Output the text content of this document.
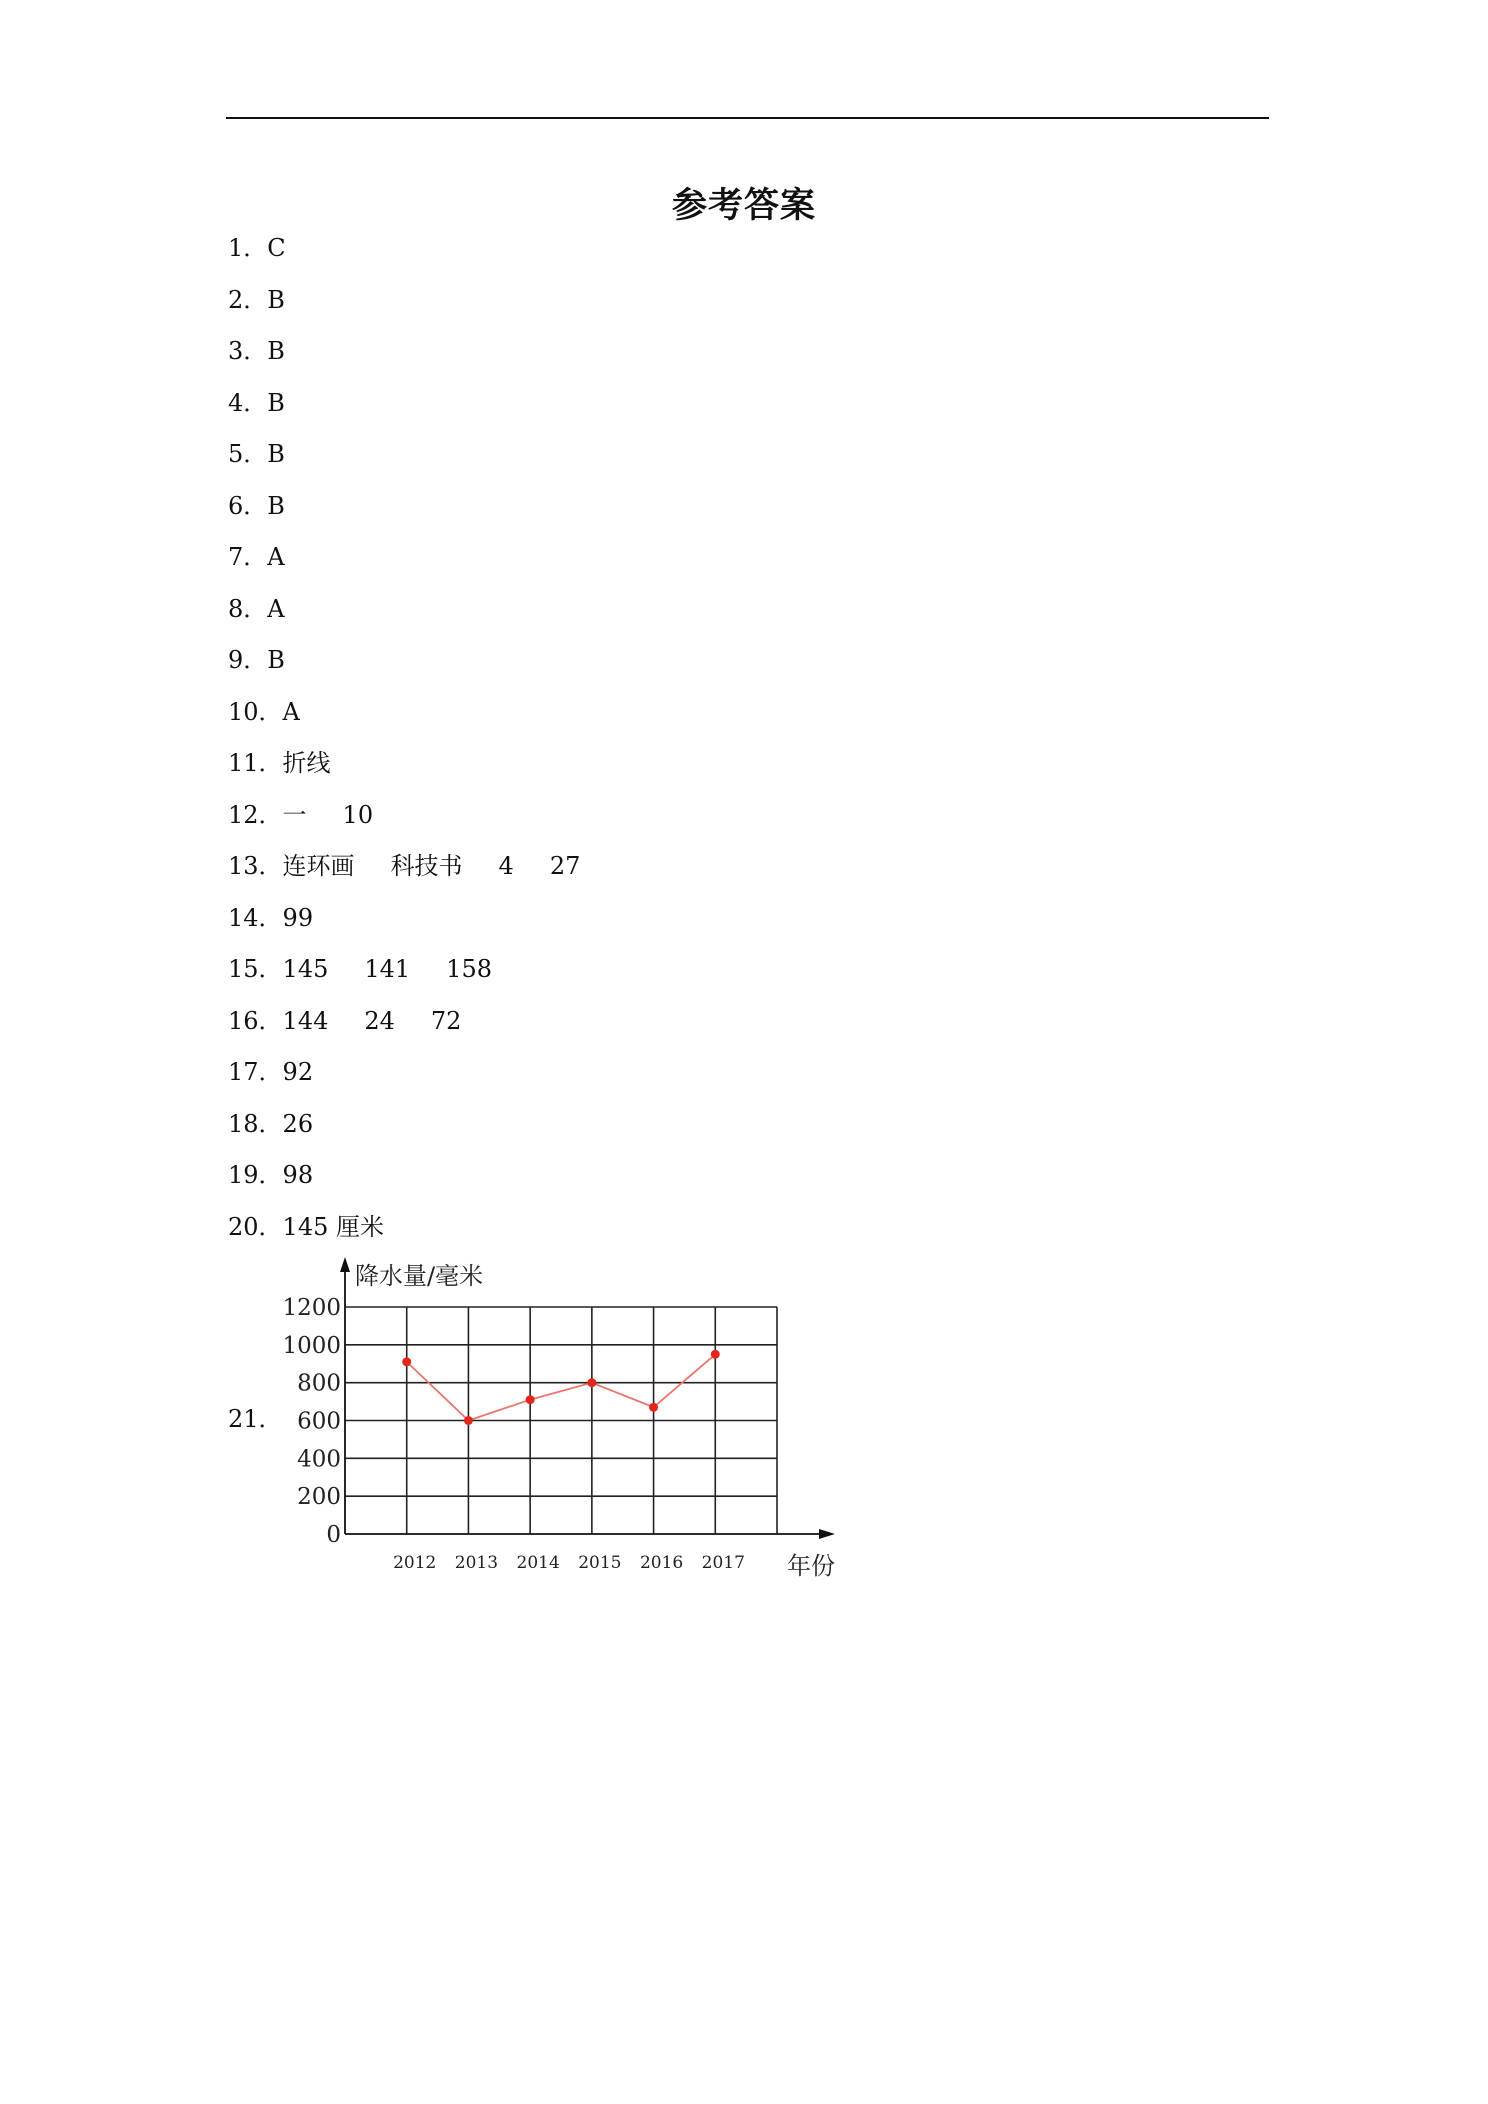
参考答案
1．C
2．B
3．B
4．B
5．B
6．B
7．A
8．A
9．B
10．A
11．折线
12．一 10
13．连环画 科技书 4 27
14．99
15．145 141 158
16．144 24 72
17．92
18．26
19．98
20．145 厘米
21．
0
200
400
600
800
1000
1200
降水量/毫米
年份
2012 2013 2014 2015 2016 2017
